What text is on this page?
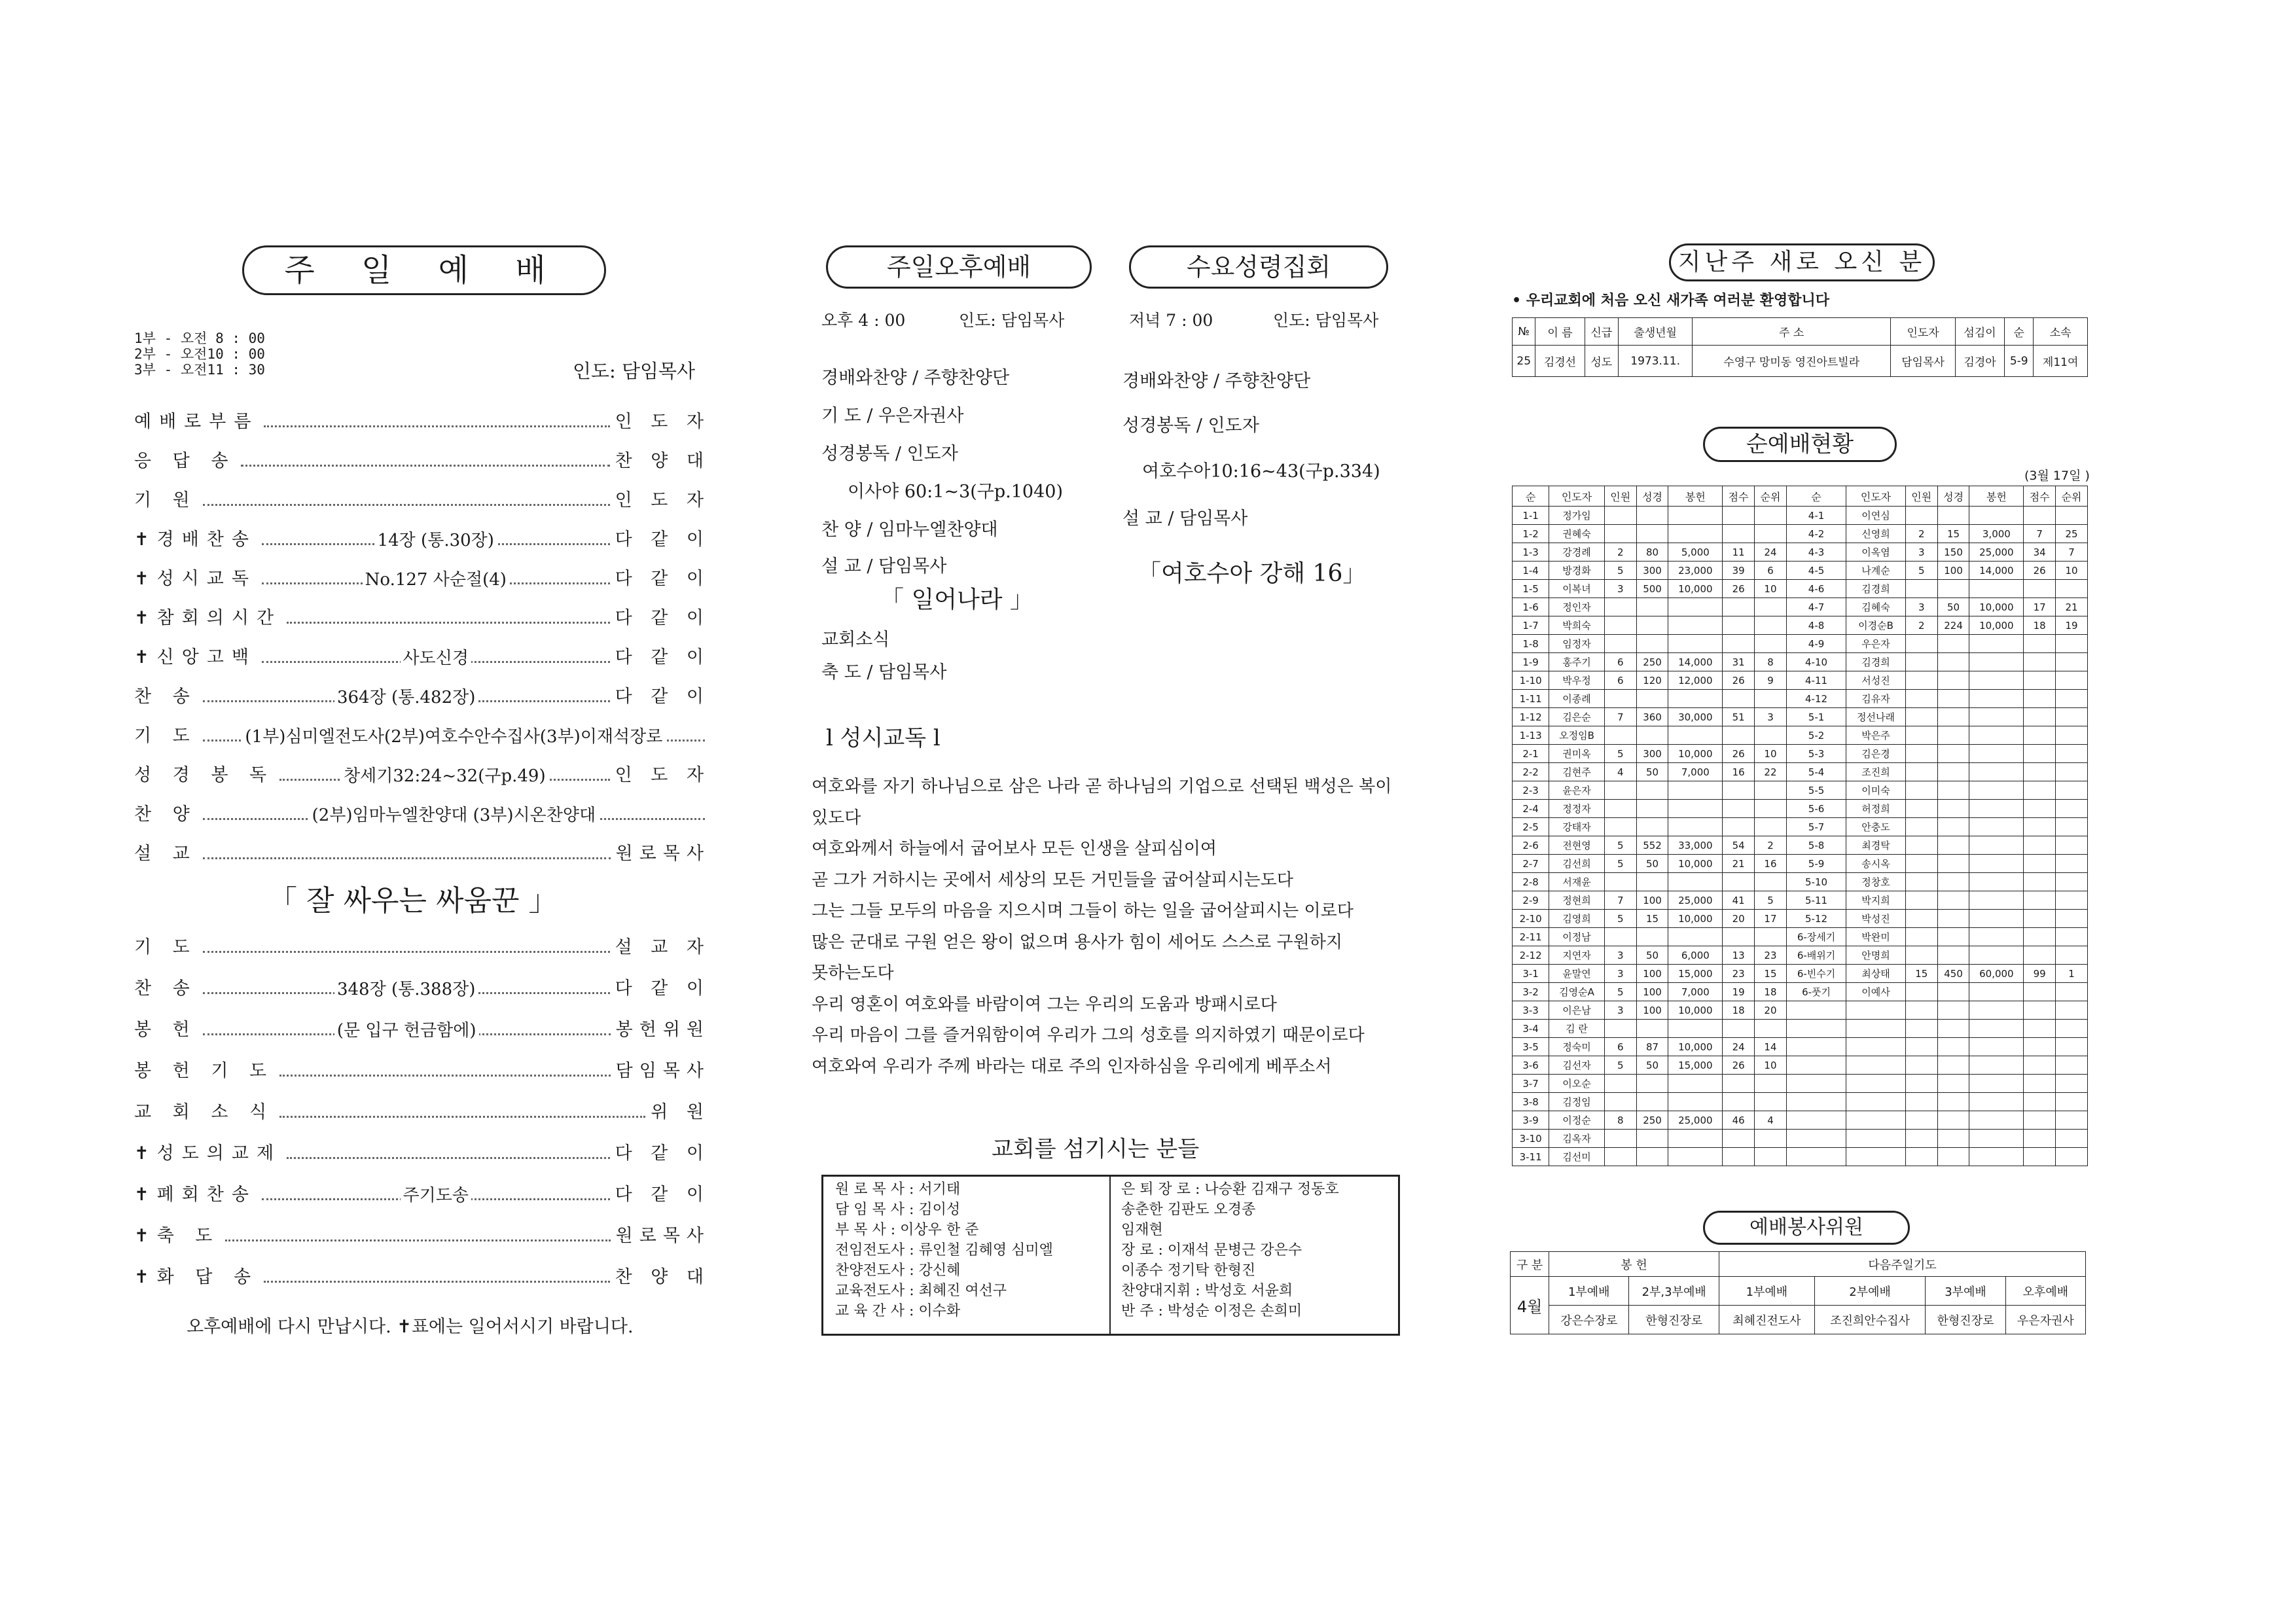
주 일 예 배
1부 - 오전 8 : 00
2부 - 오전10 : 00
3부 - 오전11 : 30	인도: 담임목사
예배로부름	인 도 자
응 답 송	찬 양 대
기 원	인 도 자
✝경배찬송	14장 (통.30장)	다 같 이
✝성시교독	No.127 사순절(4)	다 같 이
✝참회의시간	다 같 이
✝신앙고백	사도신경	다 같 이
찬 송	364장 (통.482장)	다 같 이
기 도	(1부)심미엘전도사(2부)여호수안수집사(3부)이재석장로
성 경 봉 독	창세기32:24~32(구p.49)	인 도 자
찬 양	(2부)임마누엘찬양대 (3부)시온찬양대
설 교	원로목사
「 잘 싸우는 싸움꾼 」
기 도	설 교 자
찬 송	348장 (통.388장)	다 같 이
봉 헌	(문 입구 헌금함에)	봉헌위원
봉 헌 기 도	담임목사
교 회 소 식	위 원
✝성도의교제	다 같 이
✝폐회찬송	주기도송	다 같 이
✝축 도	원로목사
✝화 답 송	찬 양 대
오후예배에 다시 만납시다. ✝표에는 일어서시기 바랍니다.
주일오후예배	수요성령집회
오후 4 : 00	인도: 담임목사	저녁 7 : 00	인도: 담임목사
경배와찬양 / 주향찬양단
기 도 / 우은자권사
성경봉독 / 인도자
이사야 60:1~3(구p.1040)
찬 양 / 임마누엘찬양대
설 교 / 담임목사
「 일어나라 」
교회소식
축 도 / 담임목사
경배와찬양 / 주향찬양단
성경봉독 / 인도자
여호수아10:16~43(구p.334)
설 교 / 담임목사
「여호수아 강해 16」
l 성시교독 l
여호와를 자기 하나님으로 삼은 나라 곧 하나님의 기업으로 선택된 백성은 복이
있도다
여호와께서 하늘에서 굽어보사 모든 인생을 살피심이여
곧 그가 거하시는 곳에서 세상의 모든 거민들을 굽어살피시는도다
그는 그들 모두의 마음을 지으시며 그들이 하는 일을 굽어살피시는 이로다
많은 군대로 구원 얻은 왕이 없으며 용사가 힘이 세어도 스스로 구원하지
못하는도다
우리 영혼이 여호와를 바람이여 그는 우리의 도움과 방패시로다
우리 마음이 그를 즐거워함이여 우리가 그의 성호를 의지하였기 때문이로다
여호와여 우리가 주께 바라는 대로 주의 인자하심을 우리에게 베푸소서
교회를 섬기시는 분들
원 로 목 사 : 서기태
담 임 목 사 : 김이성
부 목 사 : 이상우 한 준
전임전도사 : 류인철 김혜영 심미엘
찬양전도사 : 강신혜
교육전도사 : 최혜진 여선구
교 육 간 사 : 이수화
은 퇴 장 로 : 나승환 김재구 정동호
송춘한 김판도 오경종
임재현
장 로 : 이재석 문병근 강은수
이종수 정기탁 한형진
찬양대지휘 : 박성호 서윤희
반 주 : 박성순 이정은 손희미
지난주 새로 오신 분
• 우리교회에 처음 오신 새가족 여러분 환영합니다
№	이 름	신급	출생년월	주 소	인도자	섬김이	순	소속
25	김경선	성도	1973.11.	수영구 망미동 영진아트빌라	담임목사	김경아	5-9	제11여
순예배현황
(3월 17일 )
순	인도자	인원	성경	봉헌	점수	순위	순	인도자	인원	성경	봉헌	점수	순위
1-1	정가임						4-1	이연심					
1-2	권혜숙						4-2	신영희	2	15	3,000	7	25
1-3	강경례	2	80	5,000	11	24	4-3	이옥염	3	150	25,000	34	7
1-4	방경화	5	300	23,000	39	6	4-5	나계순	5	100	14,000	26	10
1-5	이복녀	3	500	10,000	26	10	4-6	김경희					
1-6	정인자						4-7	김혜숙	3	50	10,000	17	21
1-7	박희숙						4-8	이경순B	2	224	10,000	18	19
1-8	임정자						4-9	우은자					
1-9	홍주기	6	250	14,000	31	8	4-10	김경희					
1-10	박우정	6	120	12,000	26	9	4-11	서성진					
1-11	이종례						4-12	김유자					
1-12	김은순	7	360	30,000	51	3	5-1	정선나래					
1-13	오정임B						5-2	박은주					
2-1	권미옥	5	300	10,000	26	10	5-3	김은경					
2-2	김현주	4	50	7,000	16	22	5-4	조진희					
2-3	윤은자						5-5	이미숙					
2-4	정정자						5-6	허정희					
2-5	강태자						5-7	안충도					
2-6	전현영	5	552	33,000	54	2	5-8	최경탁					
2-7	김선희	5	50	10,000	21	16	5-9	송시옥					
2-8	서재윤						5-10	정창호					
2-9	정현희	7	100	25,000	41	5	5-11	박지희					
2-10	김영희	5	15	10,000	20	17	5-12	박성진					
2-11	이정남						6-장세기	박완미					
2-12	지연자	3	50	6,000	13	23	6-배위기	안명희					
3-1	윤말연	3	100	15,000	23	15	6-빈수기	최상태	15	450	60,000	99	1
3-2	김영순A	5	100	7,000	19	18	6-풋기	이예사					
3-3	이은남	3	100	10,000	18	20							
3-4	김 란												
3-5	정숙미	6	87	10,000	24	14							
3-6	김선자	5	50	15,000	26	10							
3-7	이오순												
3-8	김정임												
3-9	이정순	8	250	25,000	46	4							
3-10	김옥자												
3-11	김선미												
예배봉사위원
구 분	봉 헌		다음주일기도			
4월	1부예배	2부,3부예배	1부예배	2부예배	3부예배	오후예배
	강은수장로	한형진장로	최혜진전도사	조진희안수집사	한형진장로	우은자권사
